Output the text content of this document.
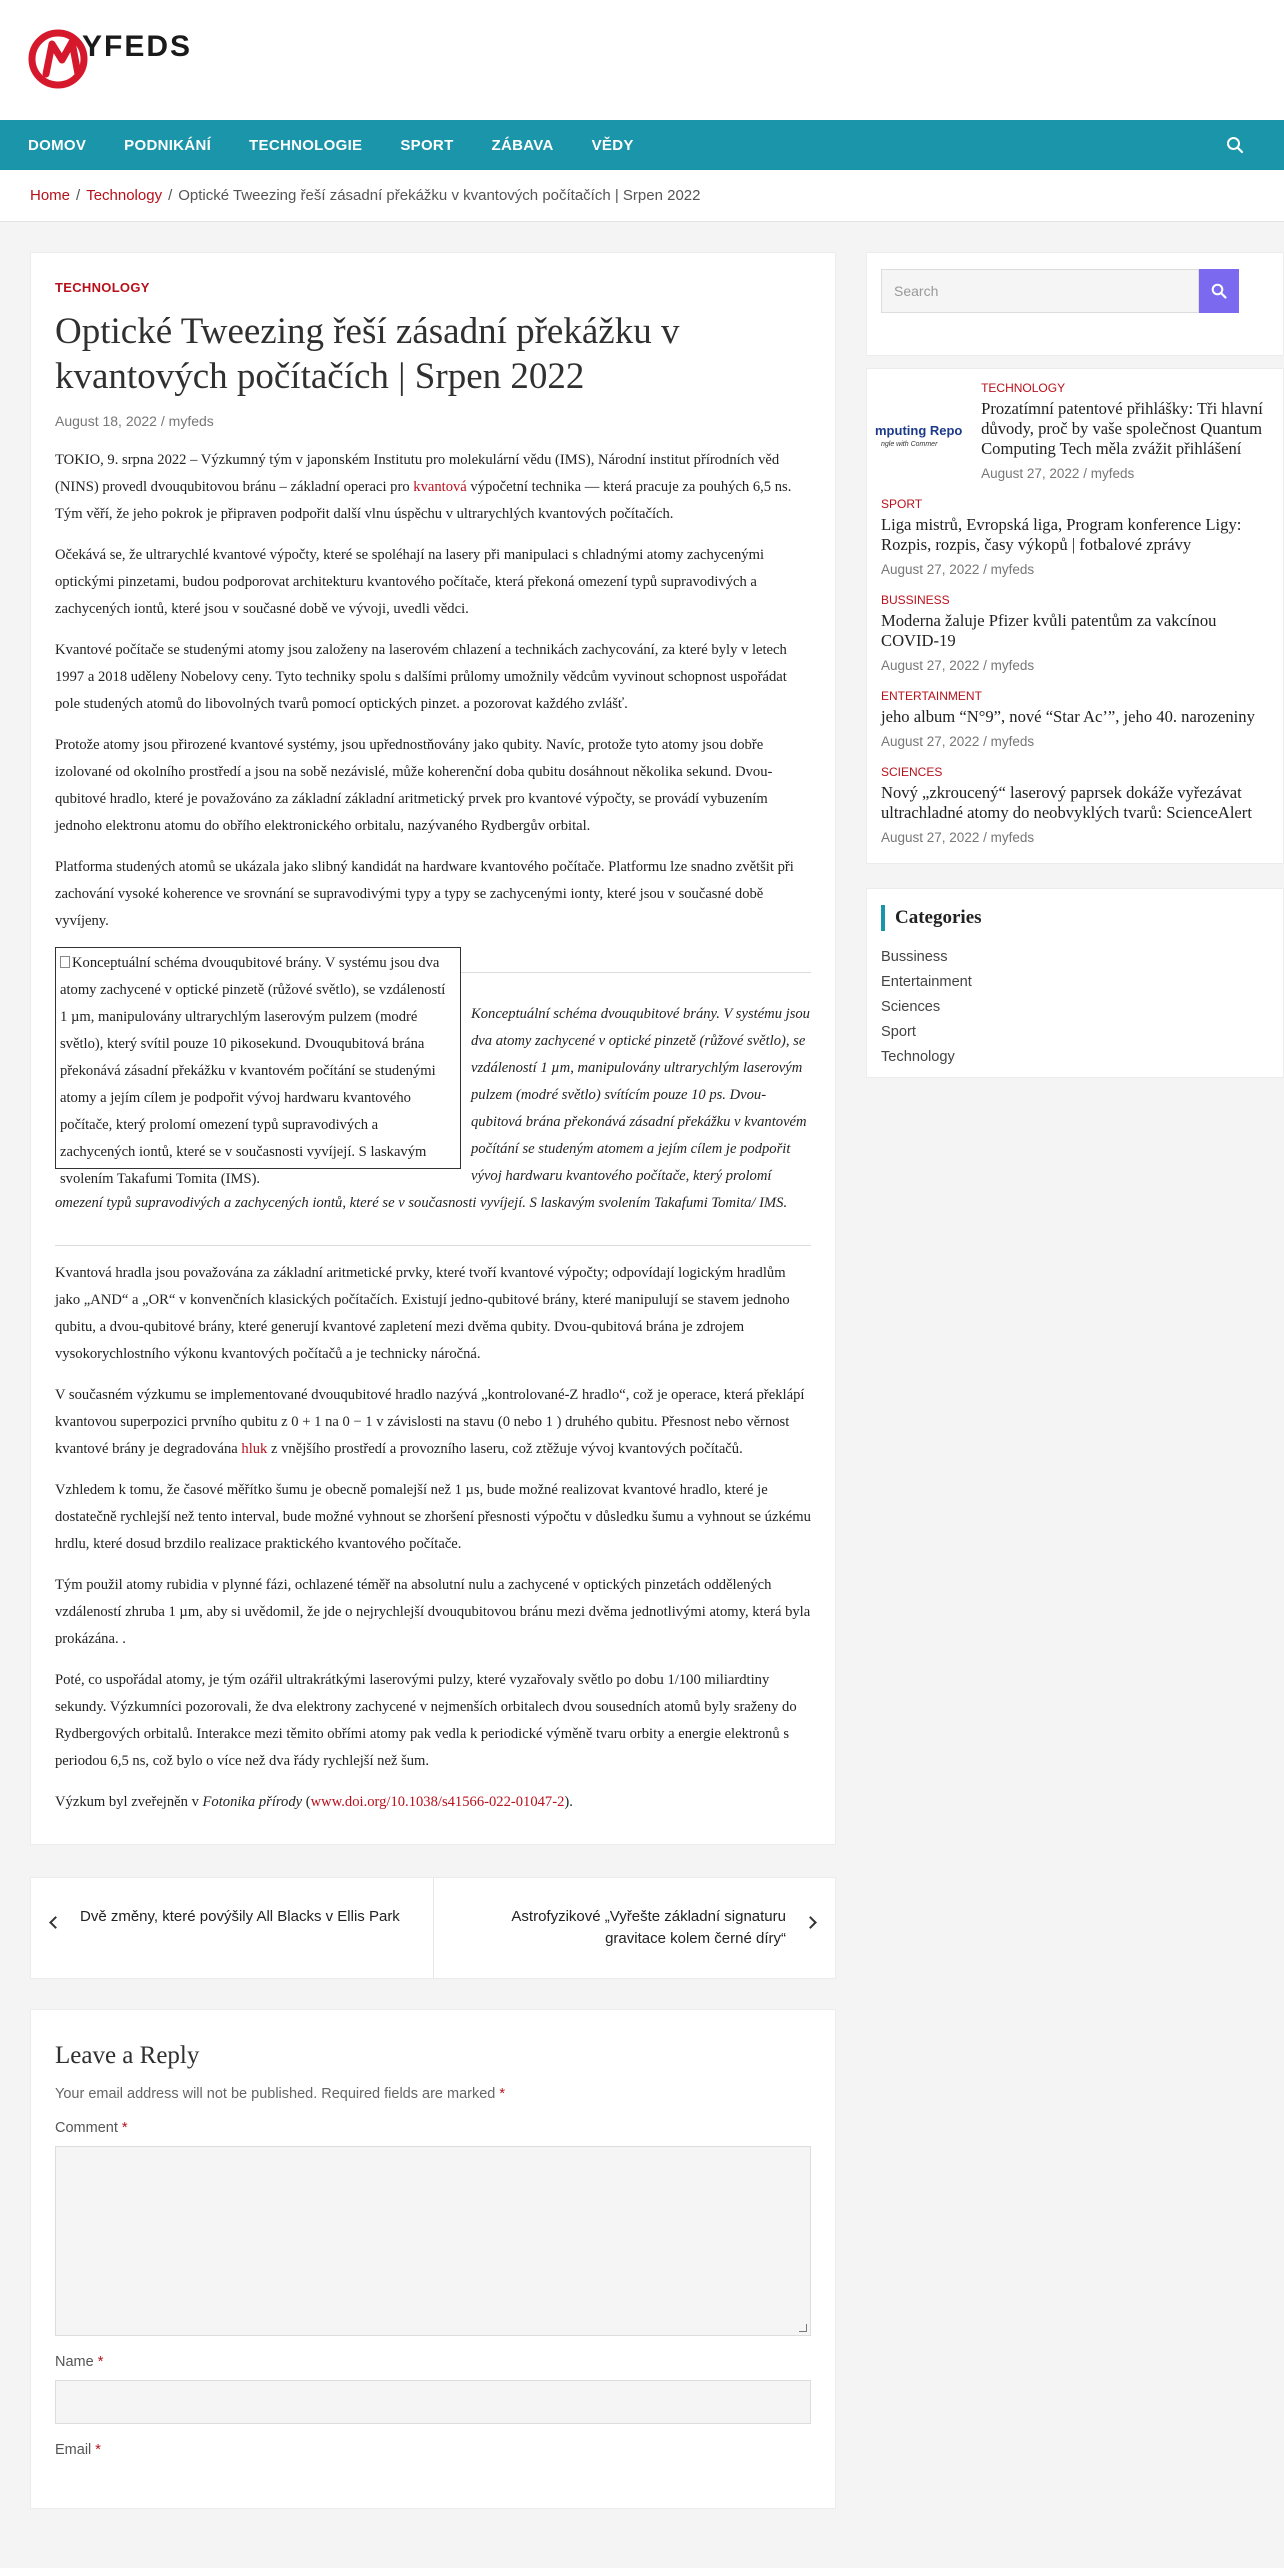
YFEDS
DOMOV	PODNIKÁNÍ	TECHNOLOGIE	SPORT	ZÁBAVA	VĚDY
Home / Technology / Optické Tweezing řeší zásadní překážku v kvantových počítačích | Srpen 2022
TECHNOLOGY
Optické Tweezing řeší zásadní překážku v kvantových počítačích | Srpen 2022
August 18, 2022 / myfeds

TOKIO, 9. srpna 2022 – Výzkumný tým v japonském Institutu pro molekulární vědu (IMS), Národní institut přírodních věd (NINS) provedl dvouqubitovou bránu – základní operaci pro kvantová výpočetní technika — která pracuje za pouhých 6,5 ns. Tým věří, že jeho pokrok je připraven podpořit další vlnu úspěchu v ultrarychlých kvantových počítačích.

Očekává se, že ultrarychlé kvantové výpočty, které se spoléhají na lasery při manipulaci s chladnými atomy zachycenými optickými pinzetami, budou podporovat architekturu kvantového počítače, která překoná omezení typů supravodivých a zachycených iontů, které jsou v současné době ve vývoji, uvedli vědci.

Kvantové počítače se studenými atomy jsou založeny na laserovém chlazení a technikách zachycování, za které byly v letech 1997 a 2018 uděleny Nobelovy ceny. Tyto techniky spolu s dalšími průlomy umožnily vědcům vyvinout schopnost uspořádat pole studených atomů do libovolných tvarů pomocí optických pinzet. a pozorovat každého zvlášť.

Protože atomy jsou přirozené kvantové systémy, jsou upřednostňovány jako qubity. Navíc, protože tyto atomy jsou dobře izolované od okolního prostředí a jsou na sobě nezávislé, může koherenční doba qubitu dosáhnout několika sekund. Dvou-qubitové hradlo, které je považováno za základní základní aritmetický prvek pro kvantové výpočty, se provádí vybuzením jednoho elektronu atomu do obřího elektronického orbitalu, nazývaného Rydbergův orbital.

Platforma studených atomů se ukázala jako slibný kandidát na hardware kvantového počítače. Platformu lze snadno zvětšit při zachování vysoké koherence ve srovnání se supravodivými typy a typy se zachycenými ionty, které jsou v současné době vyvíjeny.

Konceptuální schéma dvouqubitové brány. V systému jsou dva atomy zachycené v optické pinzetě (růžové světlo), se vzdáleností 1 µm, manipulovány ultrarychlým laserovým pulzem (modré světlo), který svítil pouze 10 pikosekund. Dvouqubitová brána překonává zásadní překážku v kvantovém počítání se studenými atomy a jejím cílem je podpořit vývoj hardwaru kvantového počítače, který prolomí omezení typů supravodivých a zachycených iontů, které se v současnosti vyvíjejí. S laskavým svolením Takafumi Tomita (IMS).
Konceptuální schéma dvouqubitové brány. V systému jsou dva atomy zachycené v optické pinzetě (růžové světlo), se vzdáleností 1 µm, manipulovány ultrarychlým laserovým pulzem (modré světlo) svítícím pouze 10 ps. Dvou-qubitová brána překonává zásadní překážku v kvantovém počítání se studeným atomem a jejím cílem je podpořit vývoj hardwaru kvantového počítače, který prolomí omezení typů supravodivých a zachycených iontů, které se v současnosti vyvíjejí. S laskavým svolením Takafumi Tomita/ IMS.

Kvantová hradla jsou považována za základní aritmetické prvky, které tvoří kvantové výpočty; odpovídají logickým hradlům jako „AND“ a „OR“ v konvenčních klasických počítačích. Existují jedno-qubitové brány, které manipulují se stavem jednoho qubitu, a dvou-qubitové brány, které generují kvantové zapletení mezi dvěma qubity. Dvou-qubitová brána je zdrojem vysokorychlostního výkonu kvantových počítačů a je technicky náročná.

V současném výzkumu se implementované dvouqubitové hradlo nazývá „kontrolované-Z hradlo“, což je operace, která překlápí kvantovou superpozici prvního qubitu z 0 + 1 na 0 − 1 v závislosti na stavu (0 nebo 1 ) druhého qubitu. Přesnost nebo věrnost kvantové brány je degradována hluk z vnějšího prostředí a provozního laseru, což ztěžuje vývoj kvantových počítačů.

Vzhledem k tomu, že časové měřítko šumu je obecně pomalejší než 1 µs, bude možné realizovat kvantové hradlo, které je dostatečně rychlejší než tento interval, bude možné vyhnout se zhoršení přesnosti výpočtu v důsledku šumu a vyhnout se úzkému hrdlu, které dosud brzdilo realizace praktického kvantového počítače.

Tým použil atomy rubidia v plynné fázi, ochlazené téměř na absolutní nulu a zachycené v optických pinzetách oddělených vzdáleností zhruba 1 µm, aby si uvědomil, že jde o nejrychlejší dvouqubitovou bránu mezi dvěma jednotlivými atomy, která byla prokázána. .

Poté, co uspořádal atomy, je tým ozářil ultrakrátkými laserovými pulzy, které vyzařovaly světlo po dobu 1/100 miliardtiny sekundy. Výzkumníci pozorovali, že dva elektrony zachycené v nejmenších orbitalech dvou sousedních atomů byly sraženy do Rydbergových orbitalů. Interakce mezi těmito obřími atomy pak vedla k periodické výměně tvaru orbity a energie elektronů s periodou 6,5 ns, což bylo o více než dva řády rychlejší než šum.

Výzkum byl zveřejněn v Fotonika přírody (www.doi.org/10.1038/s41566-022-01047-2).

Dvě změny, které povýšily All Blacks v Ellis Park	Astrofyzikové „Vyřešte základní signaturu gravitace kolem černé díry“
Leave a Reply
Your email address will not be published. Required fields are marked *
Comment *
Name *
Email *
Search
mputing Repo
ngle with Commer
TECHNOLOGY
Prozatímní patentové přihlášky: Tři hlavní důvody, proč by vaše společnost Quantum Computing Tech měla zvážit přihlášení
August 27, 2022 / myfeds
SPORT
Liga mistrů, Evropská liga, Program konference Ligy: Rozpis, rozpis, časy výkopů | fotbalové zprávy
August 27, 2022 / myfeds
BUSSINESS
Moderna žaluje Pfizer kvůli patentům za vakcínou COVID-19
August 27, 2022 / myfeds
ENTERTAINMENT
jeho album “N°9”, nové “Star Ac’”, jeho 40. narozeniny
August 27, 2022 / myfeds
SCIENCES
Nový „zkroucený“ laserový paprsek dokáže vyřezávat ultrachladné atomy do neobvyklých tvarů: ScienceAlert
August 27, 2022 / myfeds
Categories
Bussiness
Entertainment
Sciences
Sport
Technology
